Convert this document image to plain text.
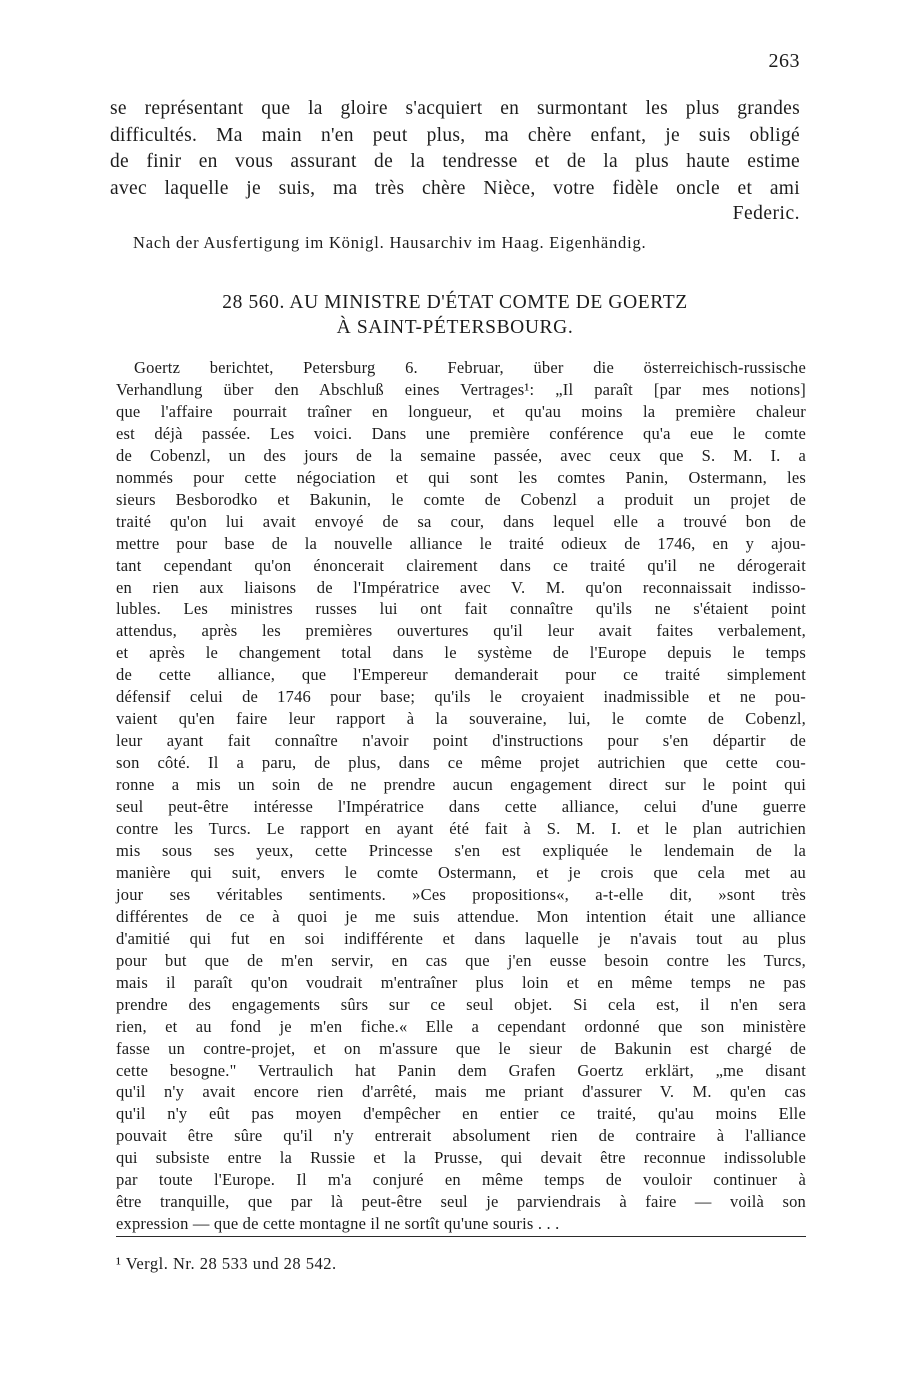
263
se représentant que la gloire s'acquiert en surmontant les plus grandes
difficultés. Ma main n'en peut plus, ma chère enfant, je suis obligé
de finir en vous assurant de la tendresse et de la plus haute estime
avec laquelle je suis, ma très chère Nièce, votre fidèle oncle et ami
Federic.
Nach der Ausfertigung im Königl. Hausarchiv im Haag. Eigenhändig.
28 560. AU MINISTRE D'ÉTAT COMTE DE GOERTZ
À SAINT-PÉTERSBOURG.
Goertz berichtet, Petersburg 6. Februar, über die österreichisch-russische
Verhandlung über den Abschluß eines Vertrages¹: „Il paraît [par mes notions]
que l'affaire pourrait traîner en longueur, et qu'au moins la première chaleur
est déjà passée. Les voici. Dans une première conférence qu'a eue le comte
de Cobenzl, un des jours de la semaine passée, avec ceux que S. M. I. a
nommés pour cette négociation et qui sont les comtes Panin, Ostermann, les
sieurs Besborodko et Bakunin, le comte de Cobenzl a produit un projet de
traité qu'on lui avait envoyé de sa cour, dans lequel elle a trouvé bon de
mettre pour base de la nouvelle alliance le traité odieux de 1746, en y ajou-
tant cependant qu'on énoncerait clairement dans ce traité qu'il ne dérogerait
en rien aux liaisons de l'Impératrice avec V. M. qu'on reconnaissait indisso-
lubles. Les ministres russes lui ont fait connaître qu'ils ne s'étaient point
attendus, après les premières ouvertures qu'il leur avait faites verbalement,
et après le changement total dans le système de l'Europe depuis le temps
de cette alliance, que l'Empereur demanderait pour ce traité simplement
défensif celui de 1746 pour base; qu'ils le croyaient inadmissible et ne pou-
vaient qu'en faire leur rapport à la souveraine, lui, le comte de Cobenzl,
leur ayant fait connaître n'avoir point d'instructions pour s'en départir de
son côté. Il a paru, de plus, dans ce même projet autrichien que cette cou-
ronne a mis un soin de ne prendre aucun engagement direct sur le point qui
seul peut-être intéresse l'Impératrice dans cette alliance, celui d'une guerre
contre les Turcs. Le rapport en ayant été fait à S. M. I. et le plan autrichien
mis sous ses yeux, cette Princesse s'en est expliquée le lendemain de la
manière qui suit, envers le comte Ostermann, et je crois que cela met au
jour ses véritables sentiments. »Ces propositions«, a-t-elle dit, »sont très
différentes de ce à quoi je me suis attendue. Mon intention était une alliance
d'amitié qui fut en soi indifférente et dans laquelle je n'avais tout au plus
pour but que de m'en servir, en cas que j'en eusse besoin contre les Turcs,
mais il paraît qu'on voudrait m'entraîner plus loin et en même temps ne pas
prendre des engagements sûrs sur ce seul objet. Si cela est, il n'en sera
rien, et au fond je m'en fiche.« Elle a cependant ordonné que son ministère
fasse un contre-projet, et on m'assure que le sieur de Bakunin est chargé de
cette besogne." Vertraulich hat Panin dem Grafen Goertz erklärt, „me disant
qu'il n'y avait encore rien d'arrêté, mais me priant d'assurer V. M. qu'en cas
qu'il n'y eût pas moyen d'empêcher en entier ce traité, qu'au moins Elle
pouvait être sûre qu'il n'y entrerait absolument rien de contraire à l'alliance
qui subsiste entre la Russie et la Prusse, qui devait être reconnue indissoluble
par toute l'Europe. Il m'a conjuré en même temps de vouloir continuer à
être tranquille, que par là peut-être seul je parviendrais à faire — voilà son
expression — que de cette montagne il ne sortît qu'une souris . . .
¹ Vergl. Nr. 28 533 und 28 542.
